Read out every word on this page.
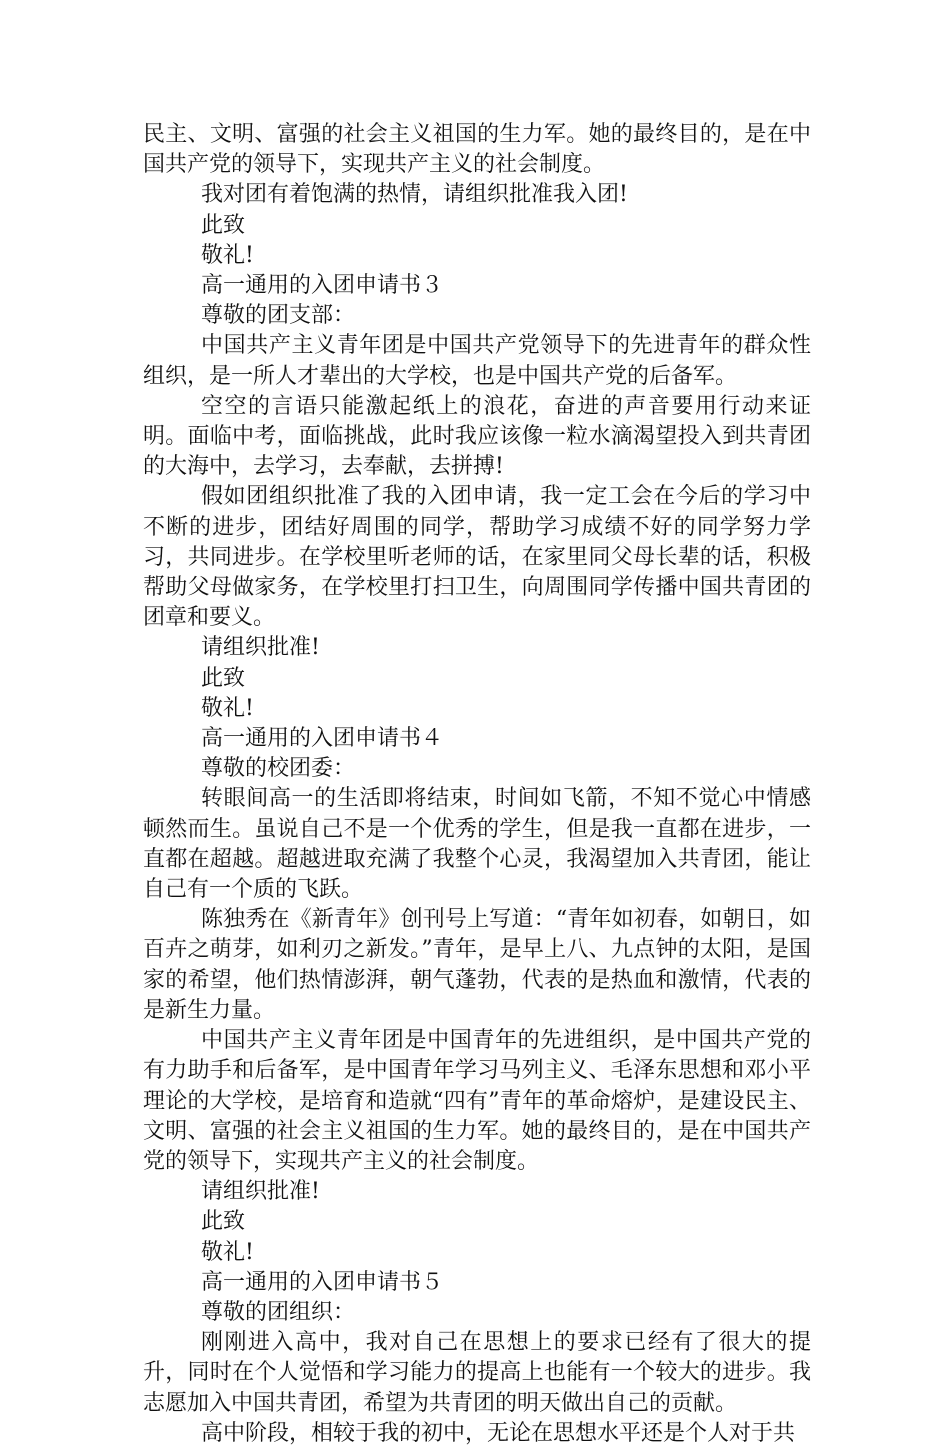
民主、文明、富强的社会主义祖国的生力军。她的最终目的，是在中国共产党的领导下，实现共产主义的社会制度。

我对团有着饱满的热情，请组织批准我入团!

此致

敬礼!

高一通用的入团申请书３

尊敬的团支部：

中国共产主义青年团是中国共产党领导下的先进青年的群众性组织，是一所人才辈出的大学校，也是中国共产党的后备军。

空空的言语只能激起纸上的浪花，奋进的声音要用行动来证明。面临中考，面临挑战，此时我应该像一粒水滴渴望投入到共青团的大海中，去学习，去奉献，去拼搏!

假如团组织批准了我的入团申请，我一定工会在今后的学习中不断的进步，团结好周围的同学，帮助学习成绩不好的同学努力学习，共同进步。在学校里听老师的话，在家里同父母长辈的话，积极帮助父母做家务，在学校里打扫卫生，向周围同学传播中国共青团的团章和要义。

请组织批准!

此致

敬礼!

高一通用的入团申请书４

尊敬的校团委：

转眼间高一的生活即将结束，时间如飞箭，不知不觉心中情感顿然而生。虽说自己不是一个优秀的学生，但是我一直都在进步，一直都在超越。超越进取充满了我整个心灵，我渴望加入共青团，能让自己有一个质的飞跃。

陈独秀在《新青年》创刊号上写道：“青年如初春，如朝日，如百卉之萌芽，如利刃之新发。”青年，是早上八、九点钟的太阳，是国家的希望，他们热情澎湃，朝气蓬勃，代表的是热血和激情，代表的是新生力量。

中国共产主义青年团是中国青年的先进组织，是中国共产党的有力助手和后备军，是中国青年学习马列主义、毛泽东思想和邓小平理论的大学校，是培育和造就“四有”青年的革命熔炉，是建设民主、文明、富强的社会主义祖国的生力军。她的最终目的，是在中国共产党的领导下，实现共产主义的社会制度。

请组织批准!

此致

敬礼!

高一通用的入团申请书５

尊敬的团组织：

刚刚进入高中，我对自己在思想上的要求已经有了很大的提升，同时在个人觉悟和学习能力的提高上也能有一个较大的进步。我志愿加入中国共青团，希望为共青团的明天做出自己的贡献。

高中阶段，相较于我的初中，无论在思想水平还是个人对于共
